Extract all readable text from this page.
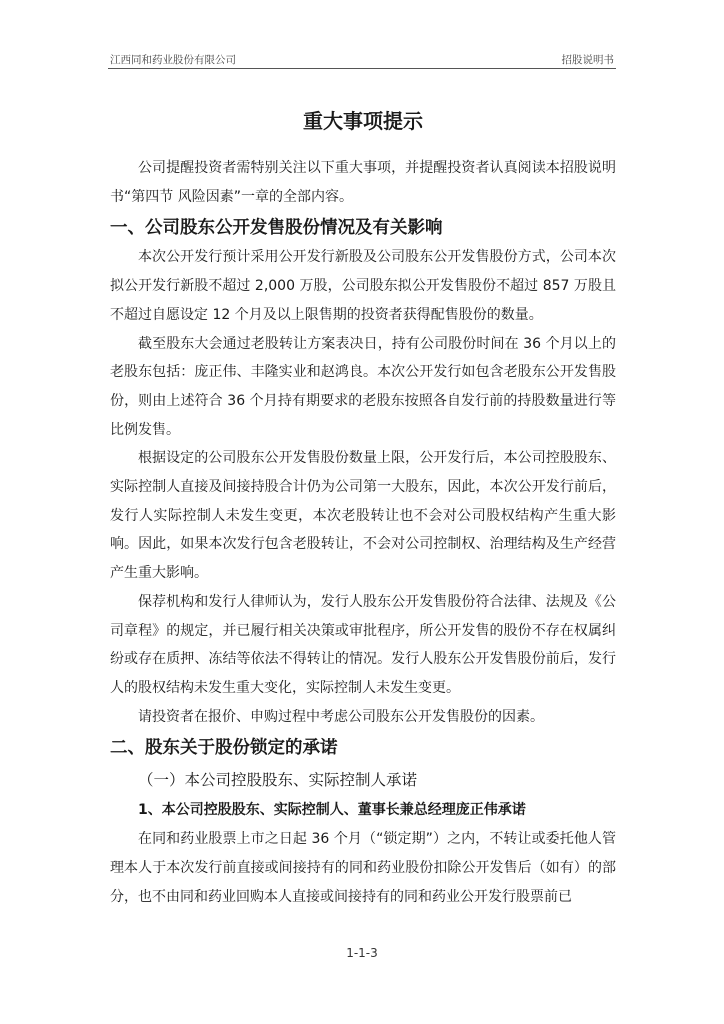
江西同和药业股份有限公司	招股说明书
重大事项提示

公司提醒投资者需特别关注以下重大事项，并提醒投资者认真阅读本招股说明书“第四节 风险因素”一章的全部内容。

一、公司股东公开发售股份情况及有关影响

本次公开发行预计采用公开发行新股及公司股东公开发售股份方式，公司本次拟公开发行新股不超过 2,000 万股，公司股东拟公开发售股份不超过 857 万股且不超过自愿设定 12 个月及以上限售期的投资者获得配售股份的数量。

截至股东大会通过老股转让方案表决日，持有公司股份时间在 36 个月以上的老股东包括：庞正伟、丰隆实业和赵鸿良。本次公开发行如包含老股东公开发售股份，则由上述符合 36 个月持有期要求的老股东按照各自发行前的持股数量进行等比例发售。

根据设定的公司股东公开发售股份数量上限，公开发行后，本公司控股股东、实际控制人直接及间接持股合计仍为公司第一大股东，因此，本次公开发行前后，发行人实际控制人未发生变更，本次老股转让也不会对公司股权结构产生重大影响。因此，如果本次发行包含老股转让，不会对公司控制权、治理结构及生产经营产生重大影响。

保荐机构和发行人律师认为，发行人股东公开发售股份符合法律、法规及《公司章程》的规定，并已履行相关决策或审批程序，所公开发售的股份不存在权属纠纷或存在质押、冻结等依法不得转让的情况。发行人股东公开发售股份前后，发行人的股权结构未发生重大变化，实际控制人未发生变更。

请投资者在报价、申购过程中考虑公司股东公开发售股份的因素。

二、股东关于股份锁定的承诺
（一）本公司控股股东、实际控制人承诺
1、本公司控股股东、实际控制人、董事长兼总经理庞正伟承诺

在同和药业股票上市之日起 36 个月（“锁定期”）之内，不转让或委托他人管理本人于本次发行前直接或间接持有的同和药业股份扣除公开发售后（如有）的部分，也不由同和药业回购本人直接或间接持有的同和药业公开发行股票前已

1-1-3
